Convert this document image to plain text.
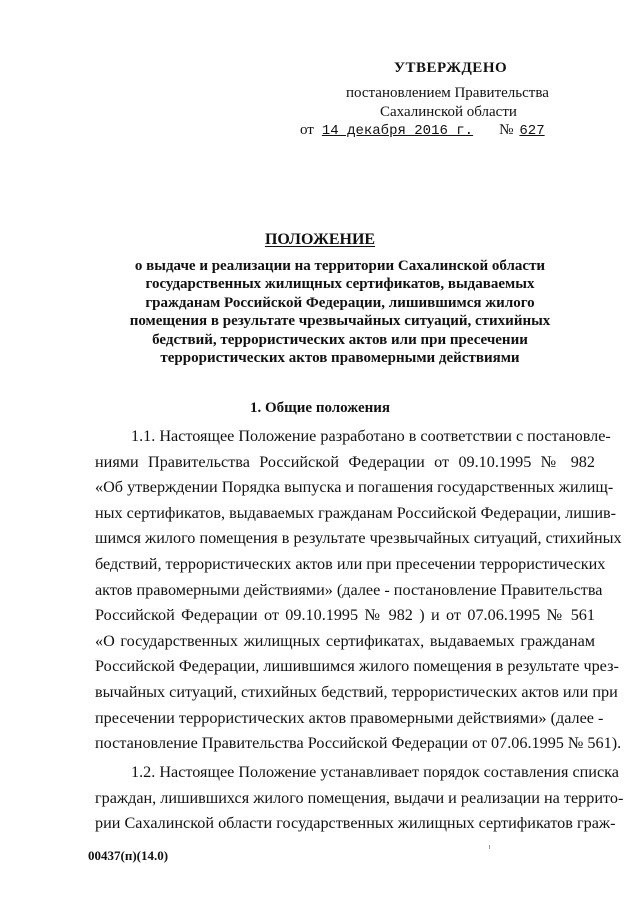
УТВЕРЖДЕНО
постановлением Правительства
Сахалинской области
от 14 декабря 2016 г. № 627
ПОЛОЖЕНИЕ
о выдаче и реализации на территории Сахалинской области
государственных жилищных сертификатов, выдаваемых
гражданам Российской Федерации, лишившимся жилого
помещения в результате чрезвычайных ситуаций, стихийных
бедствий, террористических актов или при пресечении
террористических актов правомерными действиями
1. Общие положения
1.1. Настоящее Положение разработано в соответствии с постановле-
ниями Правительства Российской Федерации от 09.10.1995 № 982
«Об утверждении Порядка выпуска и погашения государственных жилищ-
ных сертификатов, выдаваемых гражданам Российской Федерации, лишив-
шимся жилого помещения в результате чрезвычайных ситуаций, стихийных
бедствий, террористических актов или при пресечении террористических
актов правомерными действиями» (далее - постановление Правительства
Российской Федерации от 09.10.1995 № 982 ) и от 07.06.1995 № 561
«О государственных жилищных сертификатах, выдаваемых гражданам
Российской Федерации, лишившимся жилого помещения в результате чрез-
вычайных ситуаций, стихийных бедствий, террористических актов или при
пресечении террористических актов правомерными действиями» (далее -
постановление Правительства Российской Федерации от 07.06.1995 № 561).
1.2. Настоящее Положение устанавливает порядок составления списка
граждан, лишившихся жилого помещения, выдачи и реализации на террито-
рии Сахалинской области государственных жилищных сертификатов граж-
00437(п)(14.0)
